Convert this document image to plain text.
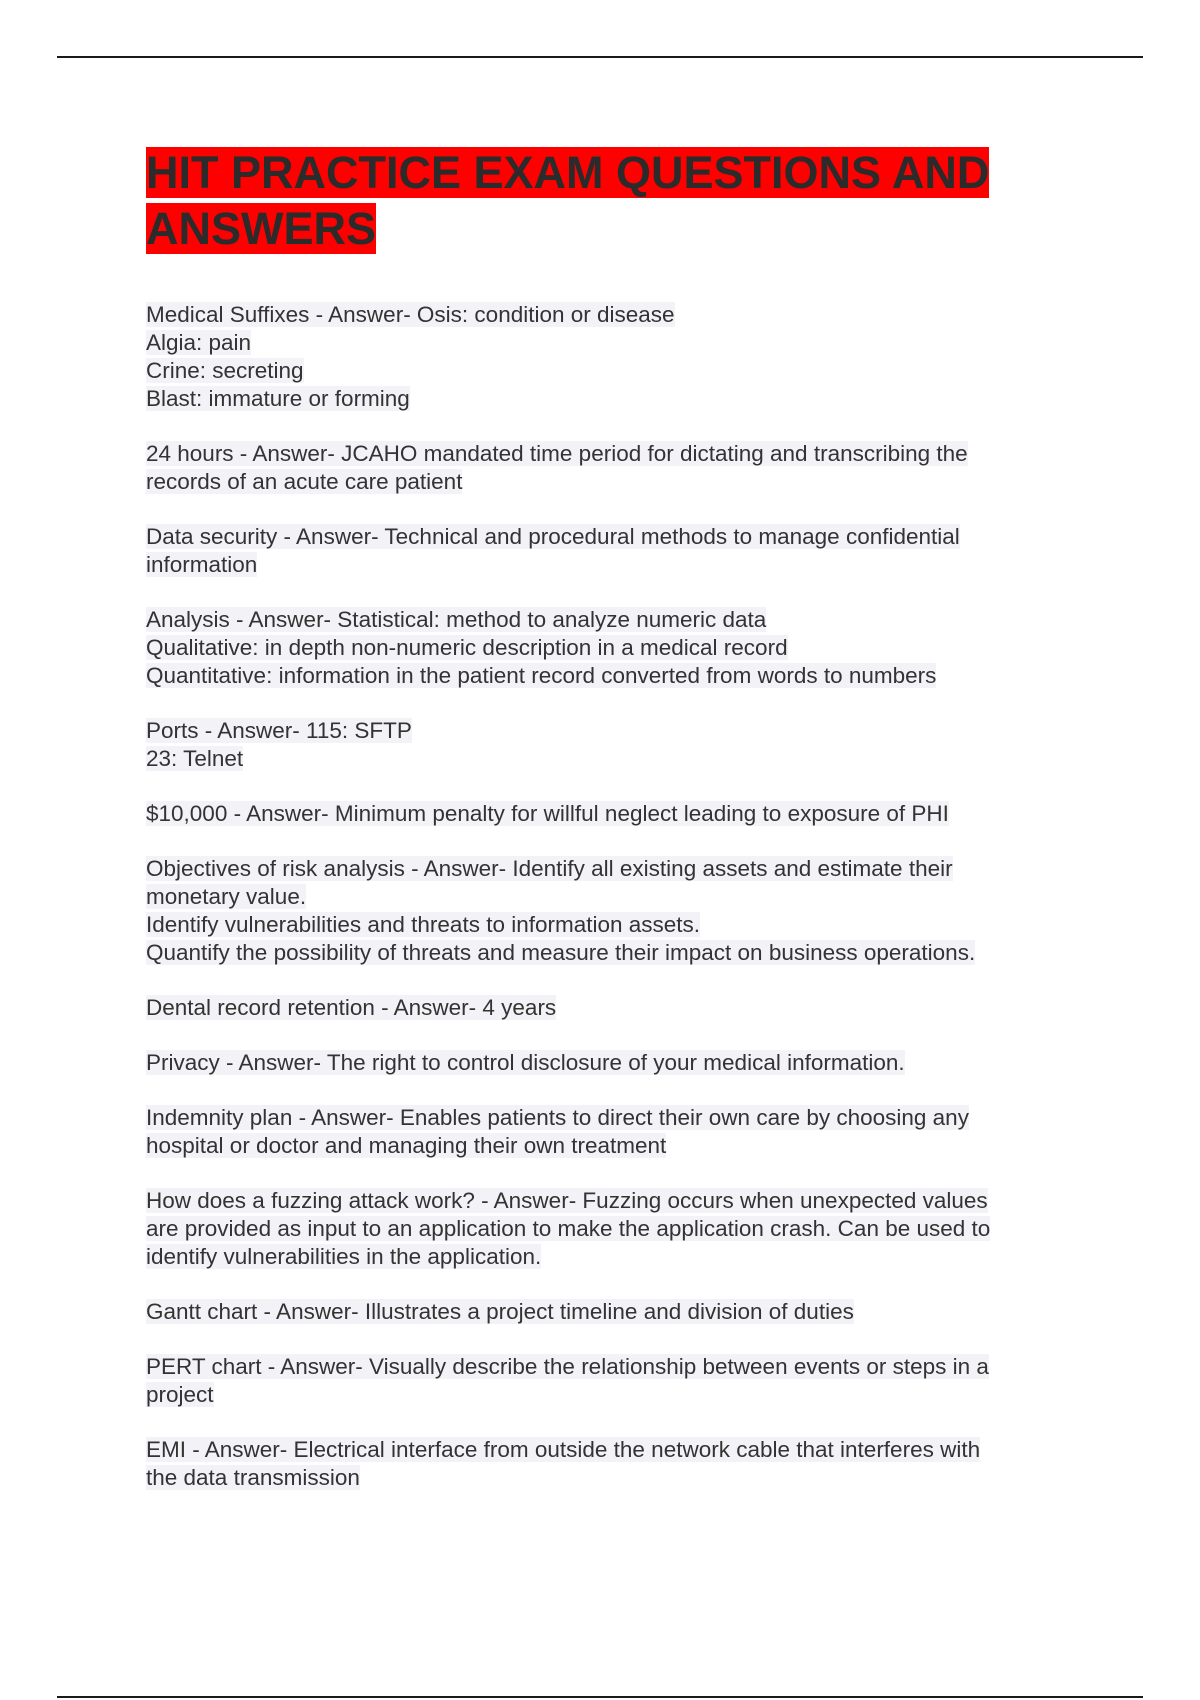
HIT PRACTICE EXAM QUESTIONS AND ANSWERS
Medical Suffixes - Answer- Osis: condition or disease
Algia: pain
Crine: secreting
Blast: immature or forming
24 hours - Answer- JCAHO mandated time period for dictating and transcribing the
records of an acute care patient
Data security - Answer- Technical and procedural methods to manage confidential
information
Analysis - Answer- Statistical: method to analyze numeric data
Qualitative: in depth non-numeric description in a medical record
Quantitative: information in the patient record converted from words to numbers
Ports - Answer- 115: SFTP
23: Telnet
$10,000 - Answer- Minimum penalty for willful neglect leading to exposure of PHI
Objectives of risk analysis - Answer- Identify all existing assets and estimate their
monetary value.
Identify vulnerabilities and threats to information assets.
Quantify the possibility of threats and measure their impact on business operations.
Dental record retention - Answer- 4 years
Privacy - Answer- The right to control disclosure of your medical information.
Indemnity plan - Answer- Enables patients to direct their own care by choosing any
hospital or doctor and managing their own treatment
How does a fuzzing attack work? - Answer- Fuzzing occurs when unexpected values
are provided as input to an application to make the application crash. Can be used to
identify vulnerabilities in the application.
Gantt chart - Answer- Illustrates a project timeline and division of duties
PERT chart - Answer- Visually describe the relationship between events or steps in a
project
EMI - Answer- Electrical interface from outside the network cable that interferes with
the data transmission
